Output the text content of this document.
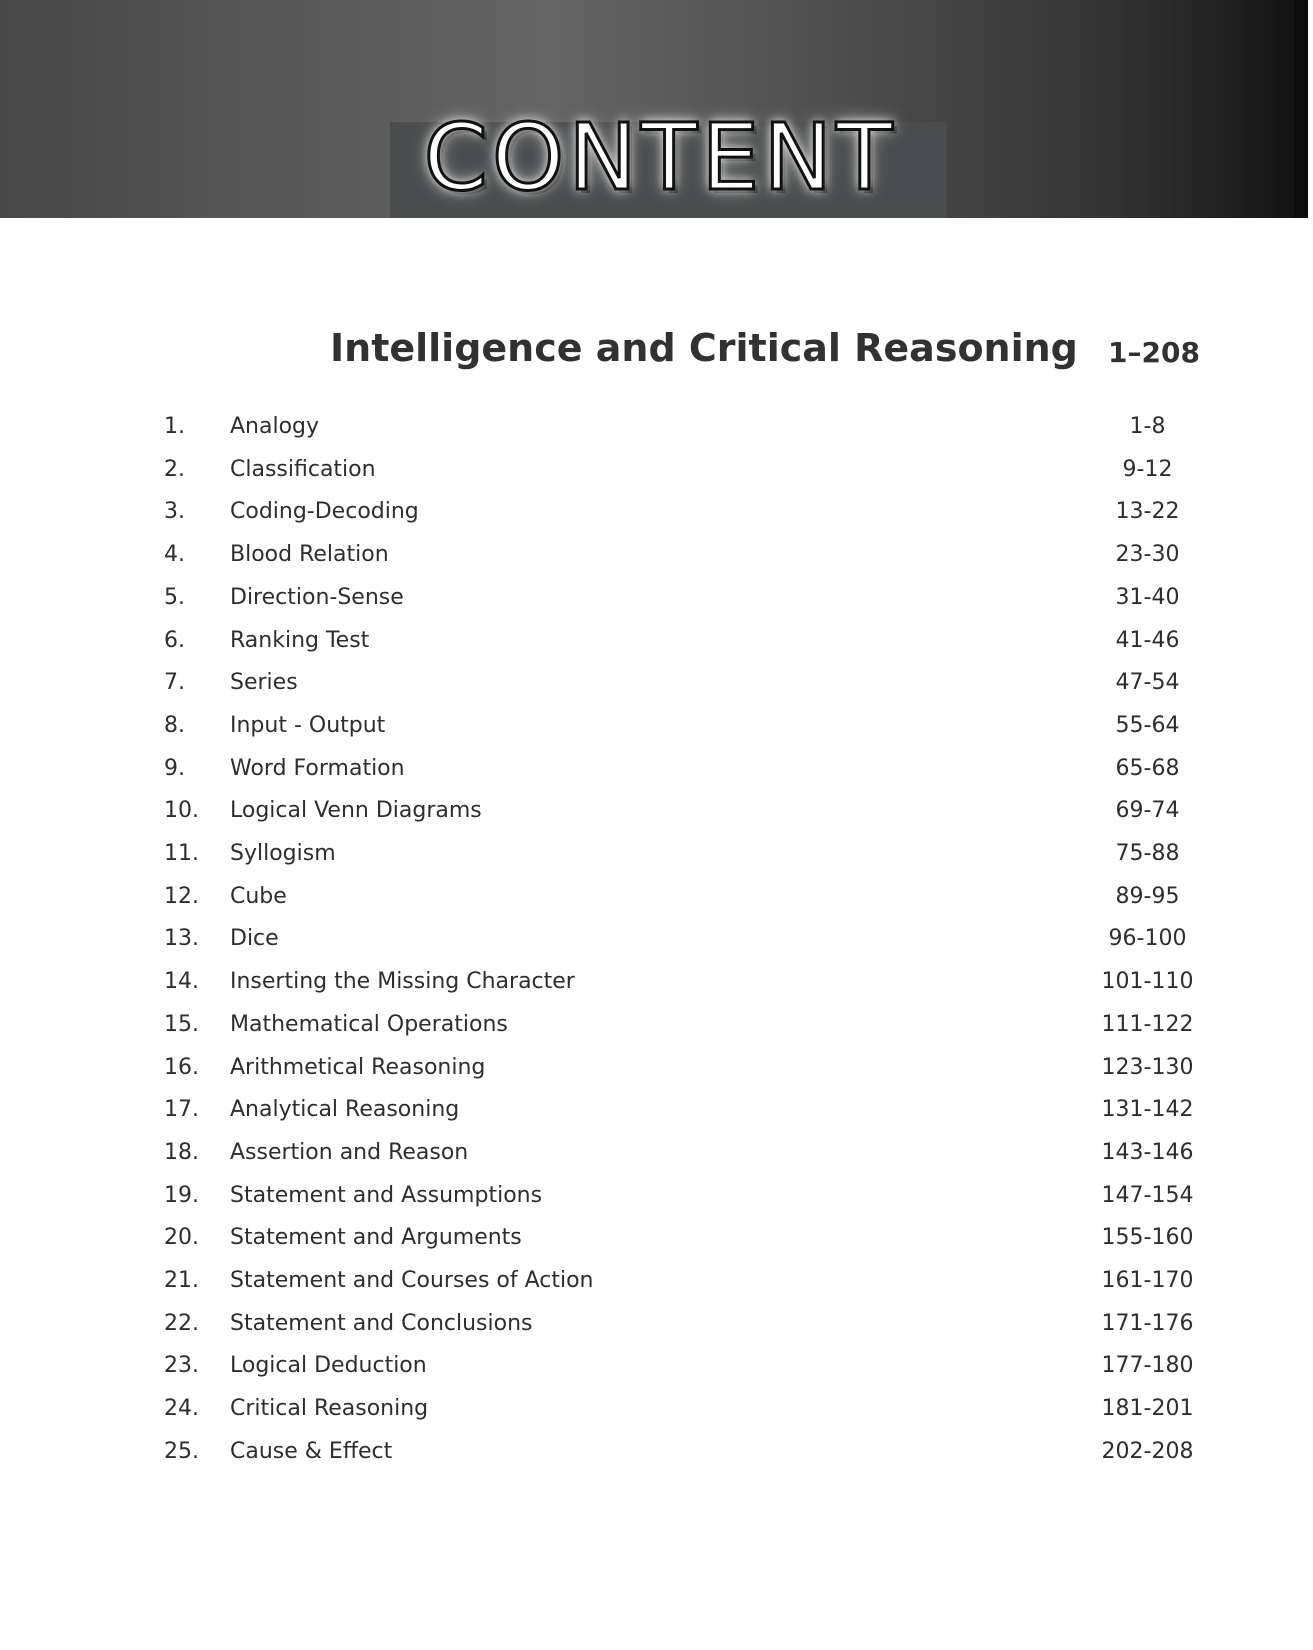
CONTENT
Intelligence and Critical Reasoning 1–208
1. Analogy	1-8
2. Classification	9-12
3. Coding-Decoding	13-22
4. Blood Relation	23-30
5. Direction-Sense	31-40
6. Ranking Test	41-46
7. Series	47-54
8. Input - Output	55-64
9. Word Formation	65-68
10. Logical Venn Diagrams	69-74
11. Syllogism	75-88
12. Cube	89-95
13. Dice	96-100
14. Inserting the Missing Character	101-110
15. Mathematical Operations	111-122
16. Arithmetical Reasoning	123-130
17. Analytical Reasoning	131-142
18. Assertion and Reason	143-146
19. Statement and Assumptions	147-154
20. Statement and Arguments	155-160
21. Statement and Courses of Action	161-170
22. Statement and Conclusions	171-176
23. Logical Deduction	177-180
24. Critical Reasoning	181-201
25. Cause & Effect	202-208
